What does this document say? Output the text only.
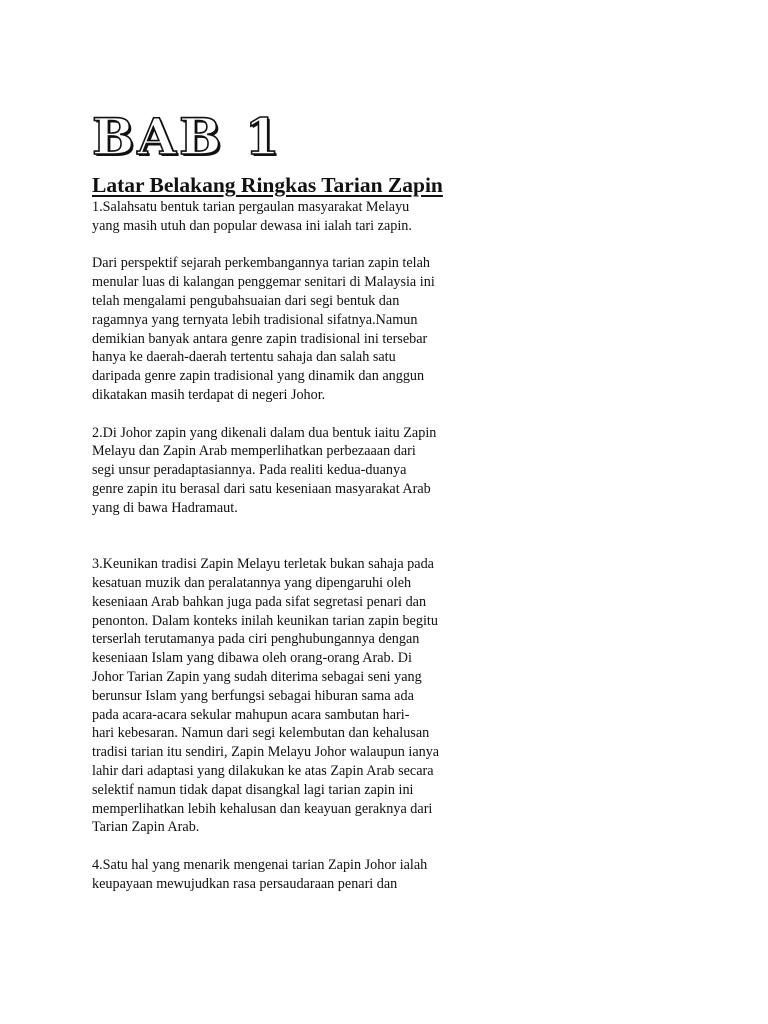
BAB 1
Latar Belakang Ringkas Tarian Zapin

1.Salahsatu bentuk tarian pergaulan masyarakat Melayu

yang masih utuh dan popular dewasa ini ialah tari zapin.

Dari perspektif sejarah perkembangannya tarian zapin telah

menular luas di kalangan penggemar senitari di Malaysia ini

telah mengalami pengubahsuaian dari segi bentuk dan

ragamnya yang ternyata lebih tradisional sifatnya.Namun

demikian banyak antara genre zapin tradisional ini tersebar

hanya ke daerah-daerah tertentu sahaja dan salah satu

daripada genre zapin tradisional yang dinamik dan anggun

dikatakan masih terdapat di negeri Johor.

2.Di Johor zapin yang dikenali dalam dua bentuk iaitu Zapin

Melayu dan Zapin Arab memperlihatkan perbezaaan dari

segi unsur peradaptasiannya. Pada realiti kedua-duanya

genre zapin itu berasal dari satu keseniaan masyarakat Arab

yang di bawa Hadramaut.

3.Keunikan tradisi Zapin Melayu terletak bukan sahaja pada

kesatuan muzik dan peralatannya yang dipengaruhi oleh

keseniaan Arab bahkan juga pada sifat segretasi penari dan

penonton. Dalam konteks inilah keunikan tarian zapin begitu

terserlah terutamanya pada ciri penghubungannya dengan

keseniaan Islam yang dibawa oleh orang-orang Arab. Di

Johor Tarian Zapin yang sudah diterima sebagai seni yang

berunsur Islam yang berfungsi sebagai hiburan sama ada

pada acara-acara sekular mahupun acara sambutan hari-

hari kebesaran. Namun dari segi kelembutan dan kehalusan

tradisi tarian itu sendiri, Zapin Melayu Johor walaupun ianya

lahir dari adaptasi yang dilakukan ke atas Zapin Arab secara

selektif namun tidak dapat disangkal lagi tarian zapin ini

memperlihatkan lebih kehalusan dan keayuan geraknya dari

Tarian Zapin Arab.

4.Satu hal yang menarik mengenai tarian Zapin Johor ialah

keupayaan mewujudkan rasa persaudaraan penari dan
